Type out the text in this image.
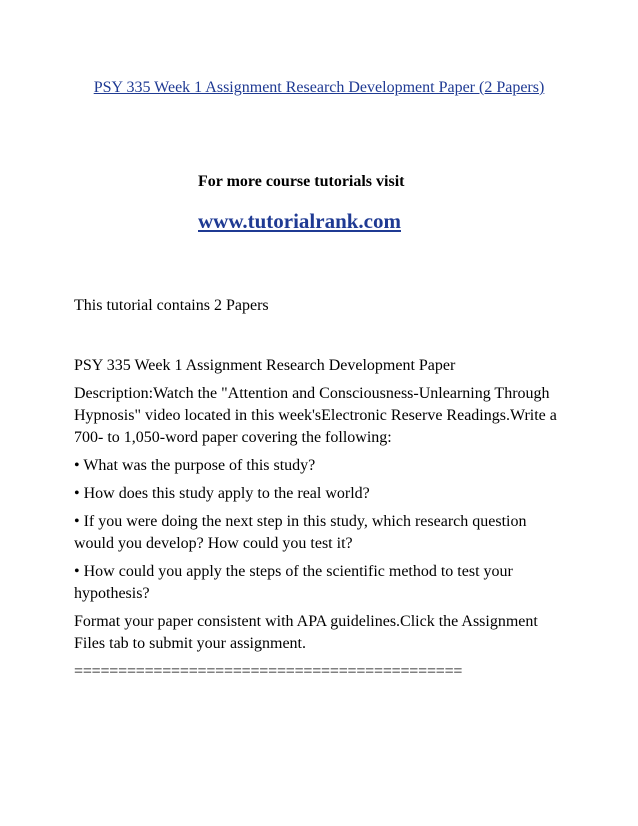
PSY 335 Week 1 Assignment Research Development Paper (2 Papers)
For more course tutorials visit
www.tutorialrank.com
This tutorial contains 2 Papers

PSY 335 Week 1 Assignment Research Development Paper

Description:Watch the "Attention and Consciousness-Unlearning Through Hypnosis" video located in this week'sElectronic Reserve Readings.Write a 700- to 1,050-word paper covering the following:

• What was the purpose of this study?

• How does this study apply to the real world?

• If you were doing the next step in this study, which research question would you develop? How could you test it?

• How could you apply the steps of the scientific method to test your hypothesis?

Format your paper consistent with APA guidelines.Click the Assignment Files tab to submit your assignment.

============================================
